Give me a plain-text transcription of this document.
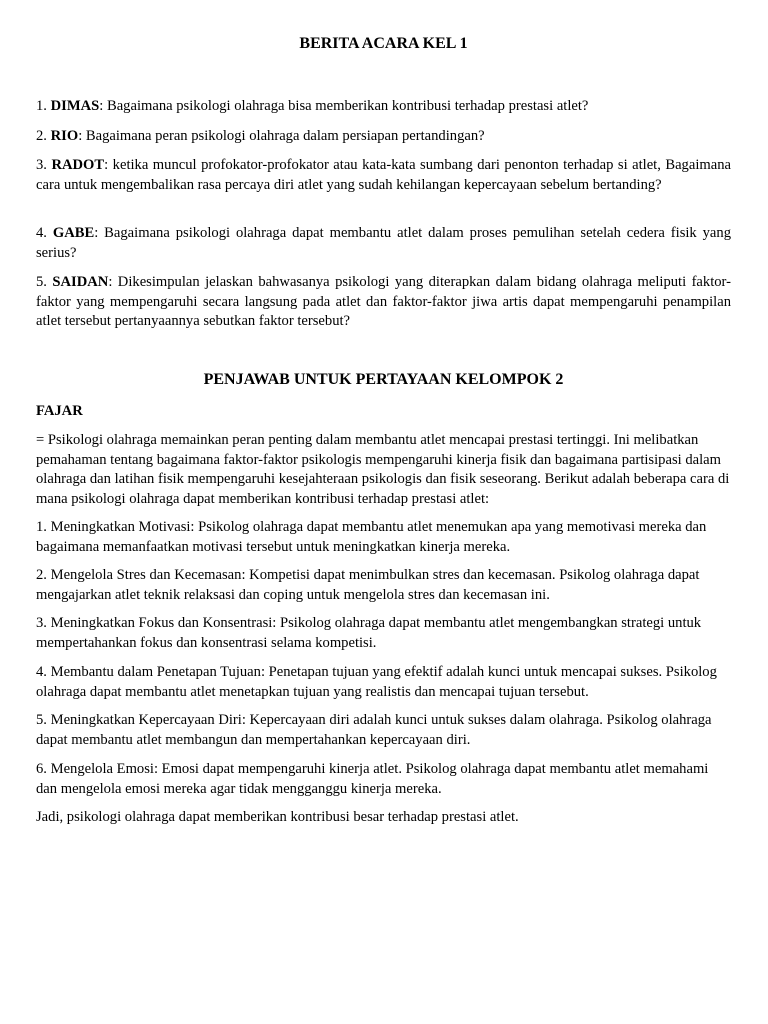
BERITA ACARA KEL 1

1. DIMAS: Bagaimana psikologi olahraga bisa memberikan kontribusi terhadap prestasi atlet?

2. RIO: Bagaimana peran psikologi olahraga dalam persiapan pertandingan?

3. RADOT: ketika muncul profokator-profokator atau kata-kata sumbang dari penonton terhadap si atlet, Bagaimana cara untuk mengembalikan rasa percaya diri atlet yang sudah kehilangan kepercayaan sebelum bertanding?

4. GABE: Bagaimana psikologi olahraga dapat membantu atlet dalam proses pemulihan setelah cedera fisik yang serius?

5. SAIDAN: Dikesimpulan jelaskan bahwasanya psikologi yang diterapkan dalam bidang olahraga meliputi faktor-faktor yang mempengaruhi secara langsung pada atlet dan faktor-faktor jiwa artis dapat mempengaruhi penampilan atlet tersebut pertanyaannya sebutkan faktor tersebut?

PENJAWAB UNTUK PERTAYAAN KELOMPOK 2

FAJAR

= Psikologi olahraga memainkan peran penting dalam membantu atlet mencapai prestasi tertinggi. Ini melibatkan pemahaman tentang bagaimana faktor-faktor psikologis mempengaruhi kinerja fisik dan bagaimana partisipasi dalam olahraga dan latihan fisik mempengaruhi kesejahteraan psikologis dan fisik seseorang. Berikut adalah beberapa cara di mana psikologi olahraga dapat memberikan kontribusi terhadap prestasi atlet:

1. Meningkatkan Motivasi: Psikolog olahraga dapat membantu atlet menemukan apa yang memotivasi mereka dan bagaimana memanfaatkan motivasi tersebut untuk meningkatkan kinerja mereka.

2. Mengelola Stres dan Kecemasan: Kompetisi dapat menimbulkan stres dan kecemasan. Psikolog olahraga dapat mengajarkan atlet teknik relaksasi dan coping untuk mengelola stres dan kecemasan ini.

3. Meningkatkan Fokus dan Konsentrasi: Psikolog olahraga dapat membantu atlet mengembangkan strategi untuk mempertahankan fokus dan konsentrasi selama kompetisi.

4. Membantu dalam Penetapan Tujuan: Penetapan tujuan yang efektif adalah kunci untuk mencapai sukses. Psikolog olahraga dapat membantu atlet menetapkan tujuan yang realistis dan mencapai tujuan tersebut.

5. Meningkatkan Kepercayaan Diri: Kepercayaan diri adalah kunci untuk sukses dalam olahraga. Psikolog olahraga dapat membantu atlet membangun dan mempertahankan kepercayaan diri.

6. Mengelola Emosi: Emosi dapat mempengaruhi kinerja atlet. Psikolog olahraga dapat membantu atlet memahami dan mengelola emosi mereka agar tidak mengganggu kinerja mereka.

Jadi, psikologi olahraga dapat memberikan kontribusi besar terhadap prestasi atlet.
